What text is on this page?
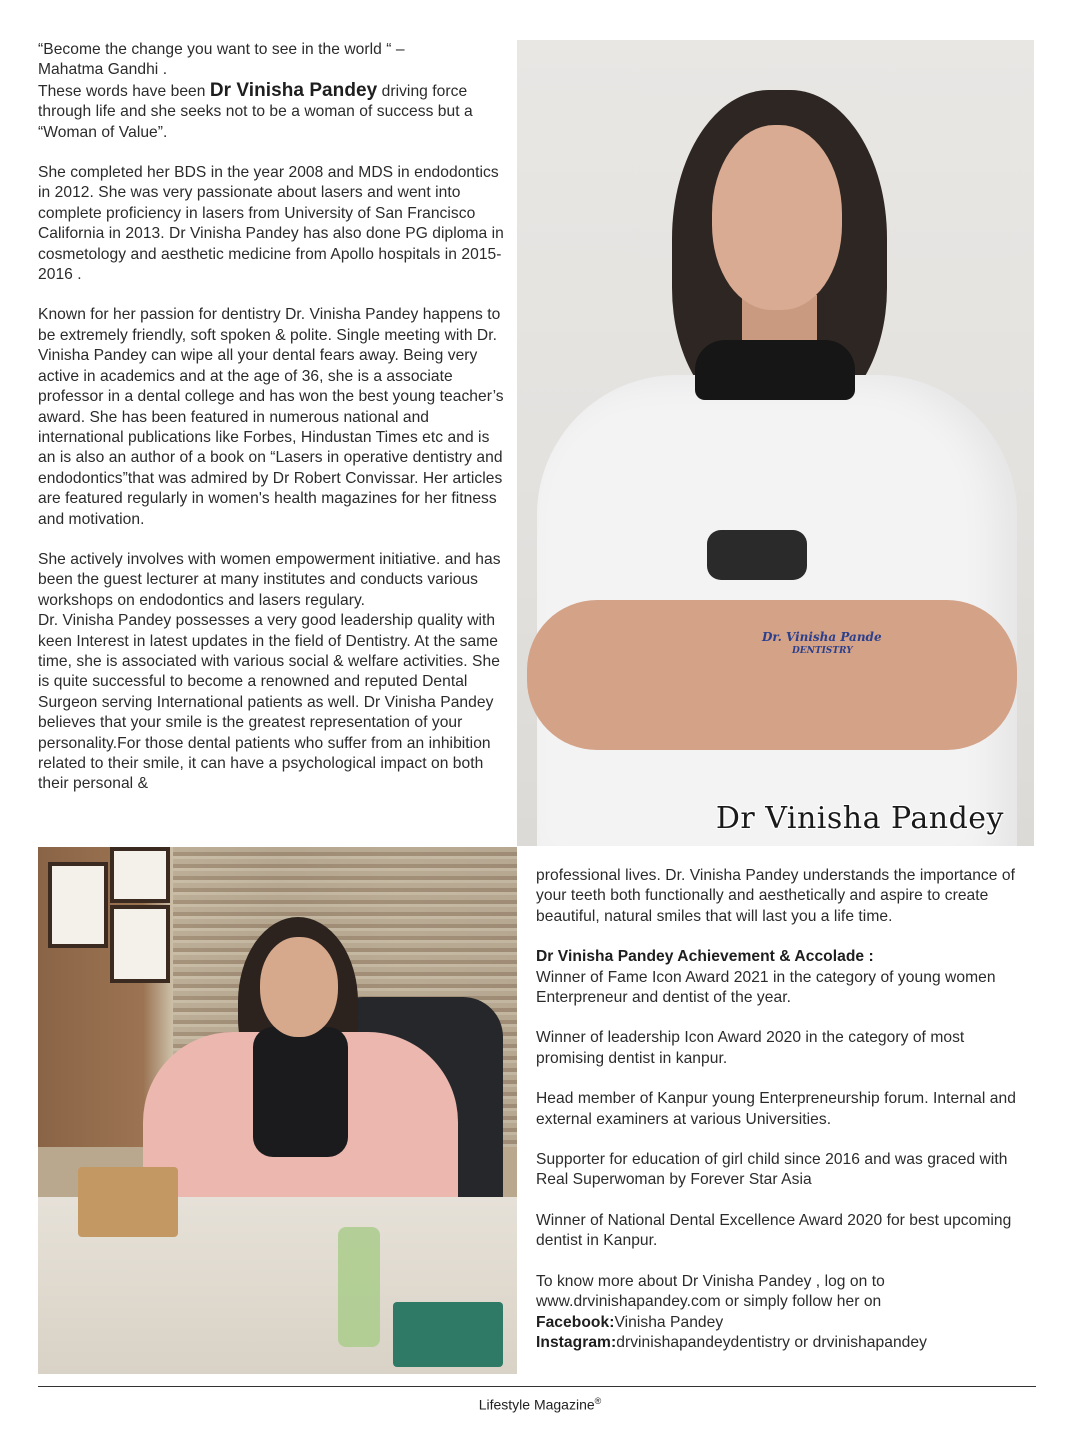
“Become the change you want to see in the world “ –

Mahatma Gandhi .

These words have been Dr Vinisha Pandey driving force through life and she seeks not to be a woman of success but a “Woman of Value”.

She completed her BDS in the year 2008 and MDS in endodontics in 2012. She was very passionate about lasers and went into complete proficiency in lasers from University of San Francisco California in 2013. Dr Vinisha Pandey has also done PG diploma in cosmetology and aesthetic medicine from Apollo hospitals in 2015-2016 .

Known for her passion for dentistry Dr. Vinisha Pandey happens to be extremely friendly, soft spoken & polite. Single meeting with Dr. Vinisha Pandey can wipe all your dental fears away. Being very active in academics and at the age of 36, she is a associate professor in a dental college and has won the best young teacher’s award. She has been featured in numerous national and international publications like Forbes, Hindustan Times etc and is an is also an author of a book on “Lasers in operative dentistry and endodontics”that was admired by Dr Robert Convissar. Her articles are featured regularly in women's health magazines for her fitness and motivation.

She actively involves with women empowerment initiative. and has been the guest lecturer at many institutes and conducts various workshops on endodontics and lasers regulary.

Dr. Vinisha Pandey possesses a very good leadership quality with keen Interest in latest updates in the field of Dentistry. At the same time, she is associated with various social & welfare activities. She is quite successful to become a renowned and reputed Dental Surgeon serving International patients as well. Dr Vinisha Pandey believes that your smile is the greatest representation of your personality.For those dental patients who suffer from an inhibition related to their smile, it can have a psychological impact on both their personal &

Dr. Vinisha Pande
DENTISTRY
Dr Vinisha Pandey

professional lives. Dr. Vinisha Pandey understands the importance of your teeth both functionally and aesthetically and aspire to create beautiful, natural smiles that will last you a life time.

Dr Vinisha Pandey Achievement & Accolade :

Winner of Fame Icon Award 2021 in the category of young women Enterpreneur and dentist of the year.

Winner of leadership Icon Award 2020 in the category of most promising dentist in kanpur.

Head member of Kanpur young Enterpreneurship forum. Internal and external examiners at various Universities.

Supporter for education of girl child since 2016 and was graced with Real Superwoman by Forever Star Asia

Winner of National Dental Excellence Award 2020 for best upcoming dentist in Kanpur.

To know more about Dr Vinisha Pandey , log on to www.drvinishapandey.com or simply follow her on

Facebook:Vinisha Pandey

Instagram:drvinishapandeydentistry or drvinishapandey

Lifestyle Magazine®
